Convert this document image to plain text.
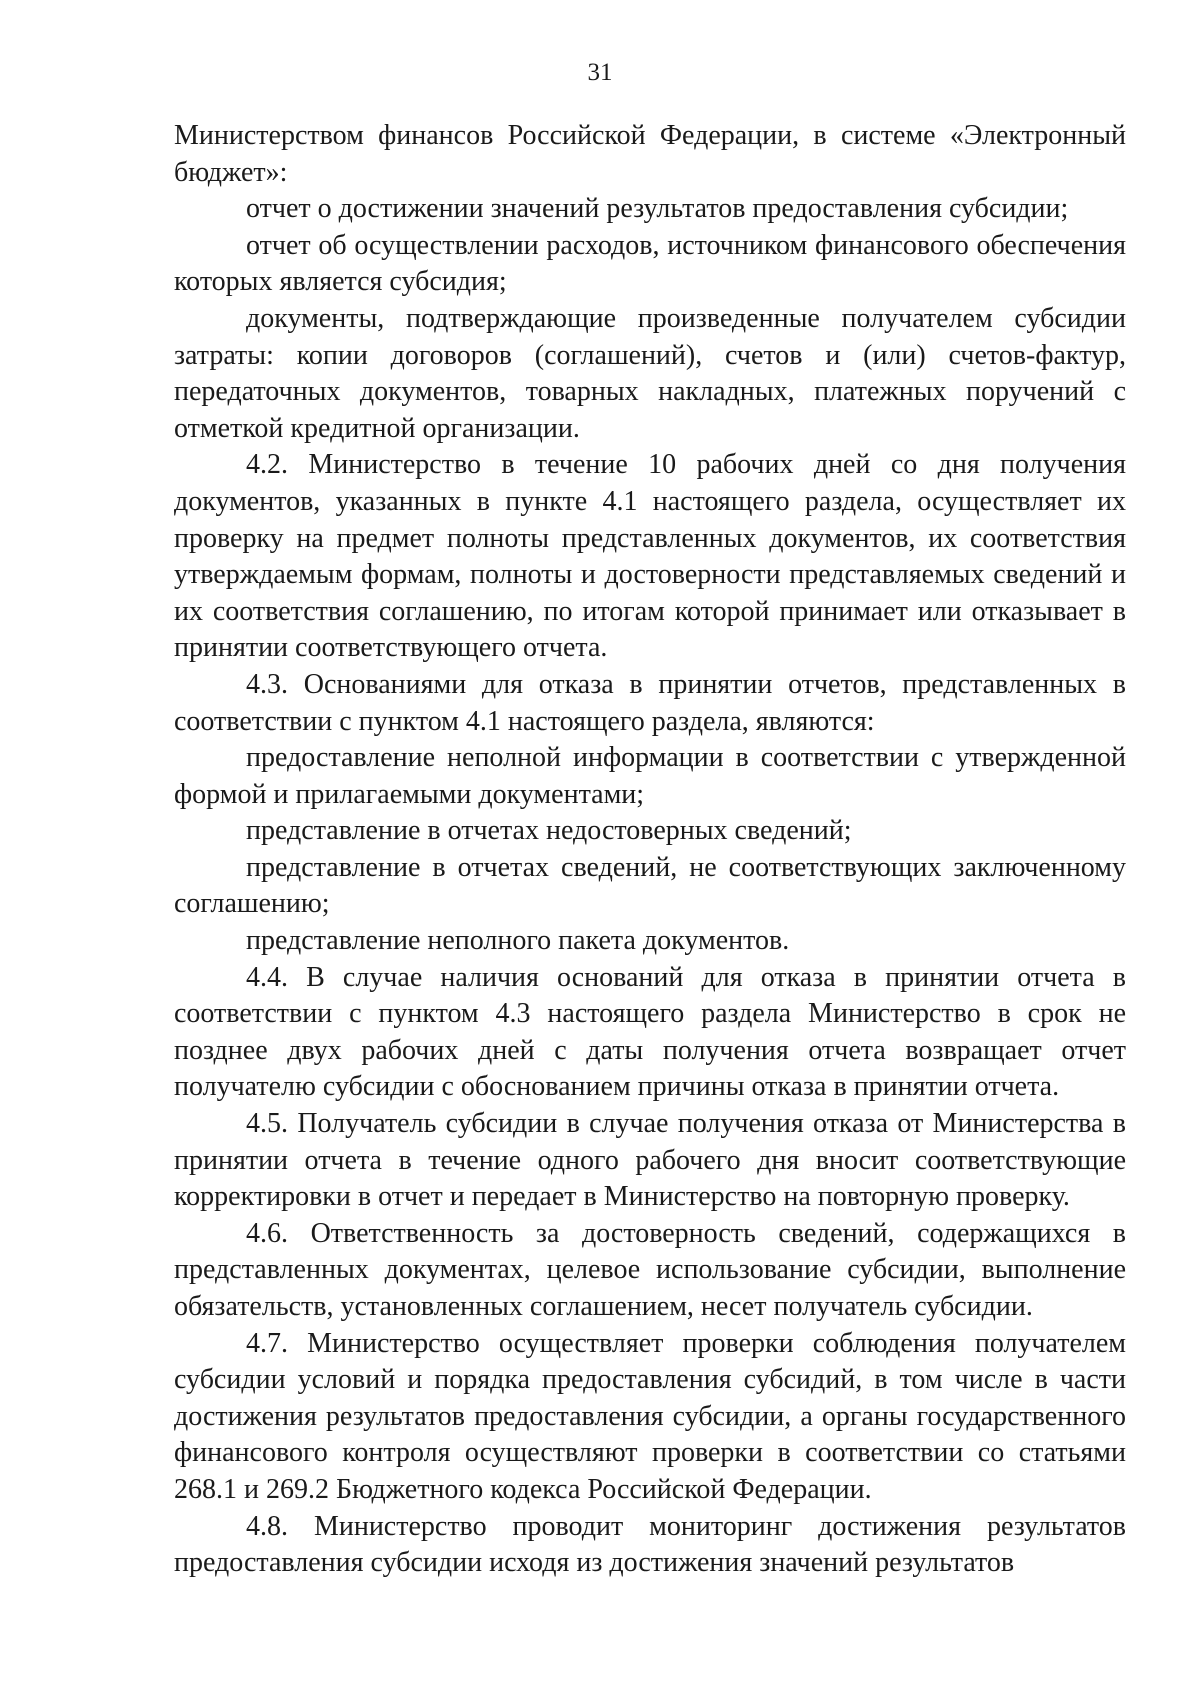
31

Министерством финансов Российской Федерации, в системе «Электронный бюджет»:

отчет о достижении значений результатов предоставления субсидии;

отчет об осуществлении расходов, источником финансового обеспечения которых является субсидия;

документы, подтверждающие произведенные получателем субсидии затраты: копии договоров (соглашений), счетов и (или) счетов-фактур, передаточных документов, товарных накладных, платежных поручений с отметкой кредитной организации.

4.2. Министерство в течение 10 рабочих дней со дня получения документов, указанных в пункте 4.1 настоящего раздела, осуществляет их проверку на предмет полноты представленных документов, их соответствия утверждаемым формам, полноты и достоверности представляемых сведений и их соответствия соглашению, по итогам которой принимает или отказывает в принятии соответствующего отчета.

4.3. Основаниями для отказа в принятии отчетов, представленных в соответствии с пунктом 4.1 настоящего раздела, являются:

предоставление неполной информации в соответствии с утвержденной формой и прилагаемыми документами;

представление в отчетах недостоверных сведений;

представление в отчетах сведений, не соответствующих заключенному соглашению;

представление неполного пакета документов.

4.4. В случае наличия оснований для отказа в принятии отчета в соответствии с пунктом 4.3 настоящего раздела Министерство в срок не позднее двух рабочих дней с даты получения отчета возвращает отчет получателю субсидии с обоснованием причины отказа в принятии отчета.

4.5. Получатель субсидии в случае получения отказа от Министерства в принятии отчета в течение одного рабочего дня вносит соответствующие корректировки в отчет и передает в Министерство на повторную проверку.

4.6. Ответственность за достоверность сведений, содержащихся в представленных документах, целевое использование субсидии, выполнение обязательств, установленных соглашением, несет получатель субсидии.

4.7. Министерство осуществляет проверки соблюдения получателем субсидии условий и порядка предоставления субсидий, в том числе в части достижения результатов предоставления субсидии, а органы государственного финансового контроля осуществляют проверки в соответствии со статьями 268.1 и 269.2 Бюджетного кодекса Российской Федерации.

4.8. Министерство проводит мониторинг достижения результатов предоставления субсидии исходя из достижения значений результатов
